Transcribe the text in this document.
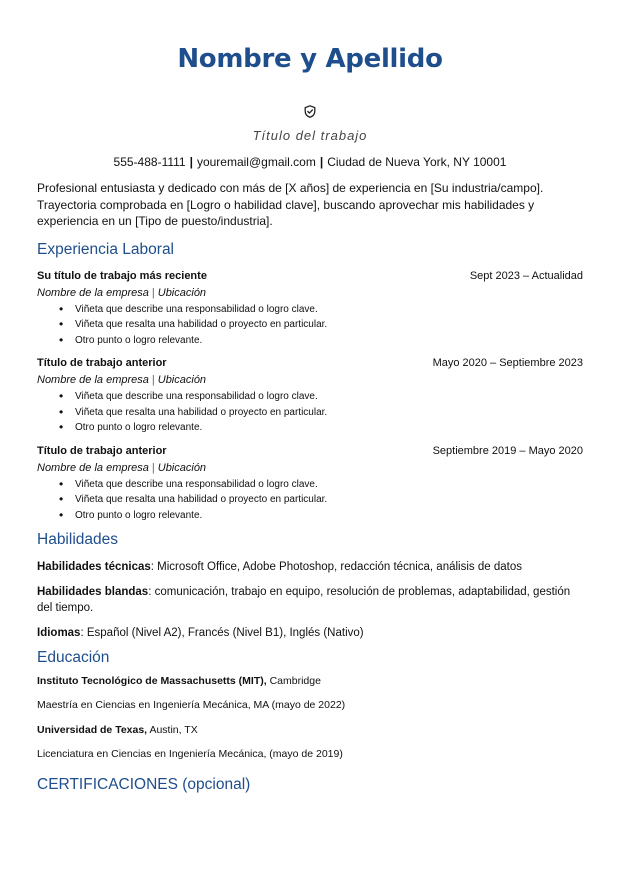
Nombre y Apellido
Título del trabajo
555-488-1111 | youremail@gmail.com | Ciudad de Nueva York, NY 10001
Profesional entusiasta y dedicado con más de [X años] de experiencia en [Su industria/campo]. Trayectoria comprobada en [Logro o habilidad clave], buscando aprovechar mis habilidades y experiencia en un [Tipo de puesto/industria].
Experiencia Laboral
Su título de trabajo más reciente	Sept 2023 – Actualidad
Nombre de la empresa | Ubicación
• Viñeta que describe una responsabilidad o logro clave.
• Viñeta que resalta una habilidad o proyecto en particular.
• Otro punto o logro relevante.
Título de trabajo anterior	Mayo 2020 – Septiembre 2023
Nombre de la empresa | Ubicación
• Viñeta que describe una responsabilidad o logro clave.
• Viñeta que resalta una habilidad o proyecto en particular.
• Otro punto o logro relevante.
Título de trabajo anterior	Septiembre 2019 – Mayo 2020
Nombre de la empresa | Ubicación
• Viñeta que describe una responsabilidad o logro clave.
• Viñeta que resalta una habilidad o proyecto en particular.
• Otro punto o logro relevante.
Habilidades
Habilidades técnicas: Microsoft Office, Adobe Photoshop, redacción técnica, análisis de datos
Habilidades blandas: comunicación, trabajo en equipo, resolución de problemas, adaptabilidad, gestión del tiempo.
Idiomas: Español (Nivel A2), Francés (Nivel B1), Inglés (Nativo)
Educación
Instituto Tecnológico de Massachusetts (MIT), Cambridge
Maestría en Ciencias en Ingeniería Mecánica, MA (mayo de 2022)
Universidad de Texas, Austin, TX
Licenciatura en Ciencias en Ingeniería Mecánica, (mayo de 2019)
CERTIFICACIONES (opcional)
